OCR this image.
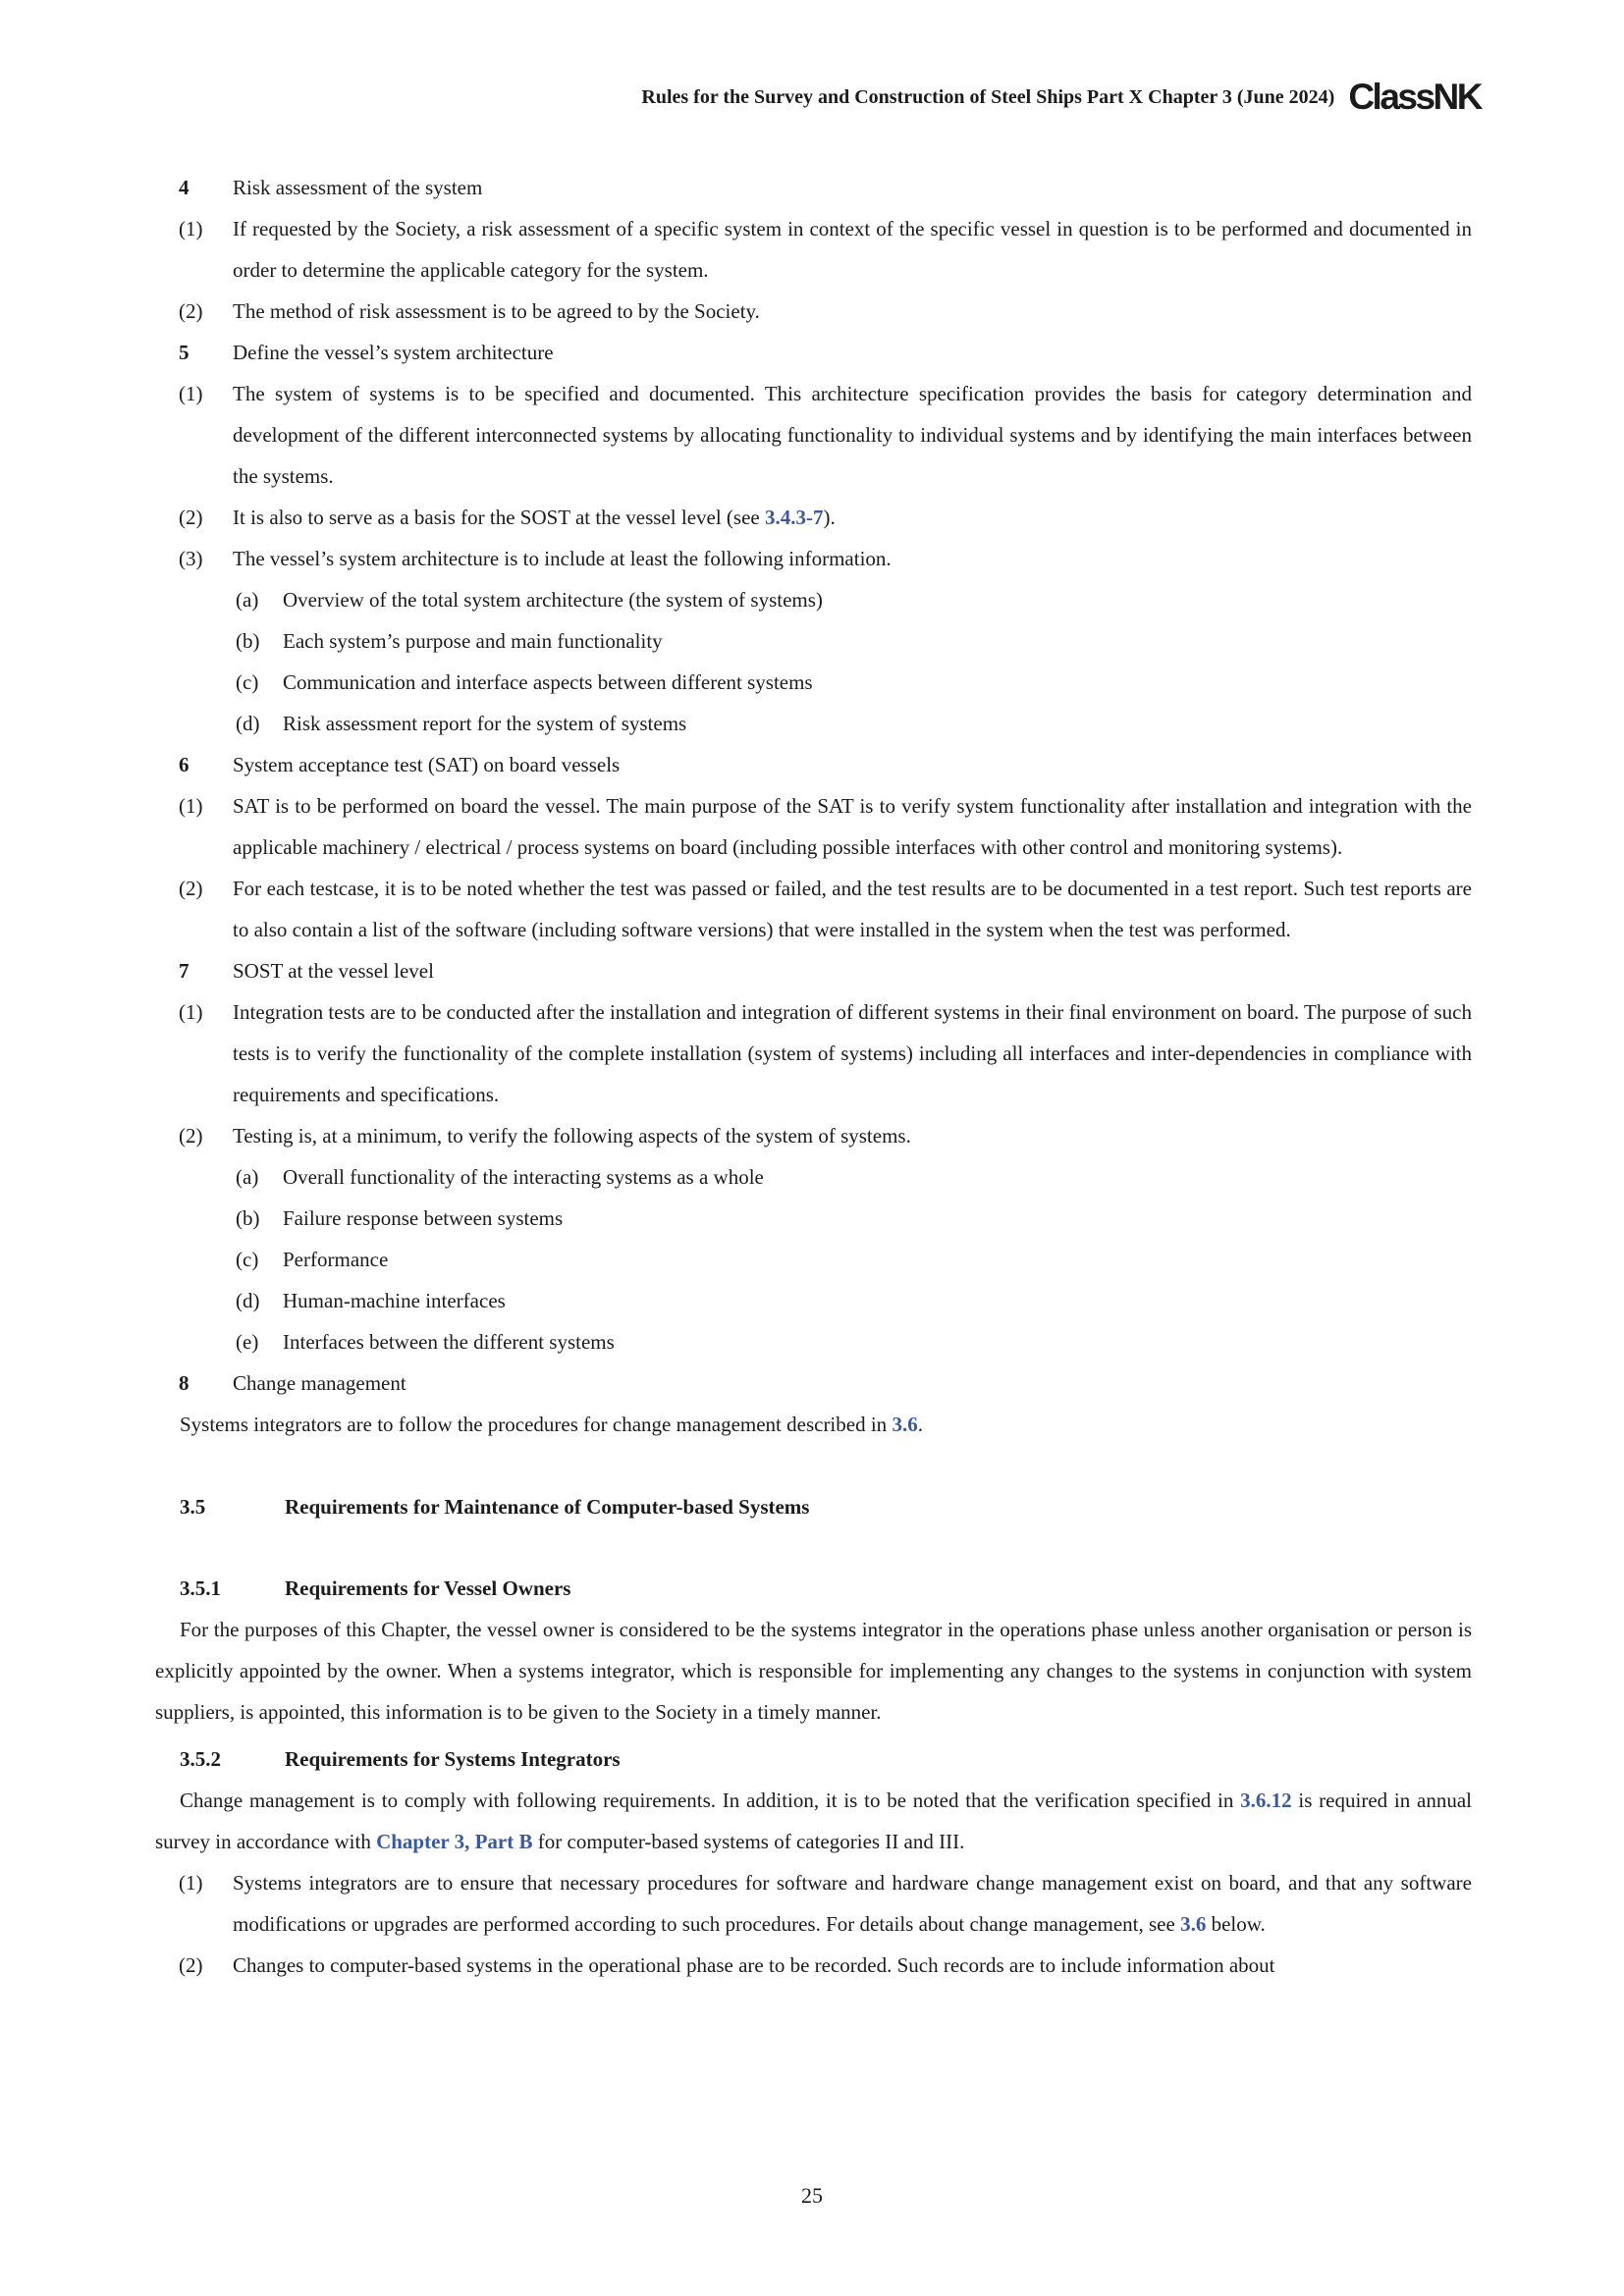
Rules for the Survey and Construction of Steel Ships Part X Chapter 3 (June 2024) ClassNK
4 Risk assessment of the system
(1) If requested by the Society, a risk assessment of a specific system in context of the specific vessel in question is to be performed and documented in order to determine the applicable category for the system.
(2) The method of risk assessment is to be agreed to by the Society.
5 Define the vessel’s system architecture
(1) The system of systems is to be specified and documented. This architecture specification provides the basis for category determination and development of the different interconnected systems by allocating functionality to individual systems and by identifying the main interfaces between the systems.
(2) It is also to serve as a basis for the SOST at the vessel level (see 3.4.3-7).
(3) The vessel’s system architecture is to include at least the following information.
(a) Overview of the total system architecture (the system of systems)
(b) Each system’s purpose and main functionality
(c) Communication and interface aspects between different systems
(d) Risk assessment report for the system of systems
6 System acceptance test (SAT) on board vessels
(1) SAT is to be performed on board the vessel. The main purpose of the SAT is to verify system functionality after installation and integration with the applicable machinery / electrical / process systems on board (including possible interfaces with other control and monitoring systems).
(2) For each testcase, it is to be noted whether the test was passed or failed, and the test results are to be documented in a test report. Such test reports are to also contain a list of the software (including software versions) that were installed in the system when the test was performed.
7 SOST at the vessel level
(1) Integration tests are to be conducted after the installation and integration of different systems in their final environment on board. The purpose of such tests is to verify the functionality of the complete installation (system of systems) including all interfaces and inter-dependencies in compliance with requirements and specifications.
(2) Testing is, at a minimum, to verify the following aspects of the system of systems.
(a) Overall functionality of the interacting systems as a whole
(b) Failure response between systems
(c) Performance
(d) Human-machine interfaces
(e) Interfaces between the different systems
8 Change management
Systems integrators are to follow the procedures for change management described in 3.6.
3.5	Requirements for Maintenance of Computer-based Systems
3.5.1	Requirements for Vessel Owners
For the purposes of this Chapter, the vessel owner is considered to be the systems integrator in the operations phase unless another organisation or person is explicitly appointed by the owner. When a systems integrator, which is responsible for implementing any changes to the systems in conjunction with system suppliers, is appointed, this information is to be given to the Society in a timely manner.
3.5.2	Requirements for Systems Integrators
Change management is to comply with following requirements. In addition, it is to be noted that the verification specified in 3.6.12 is required in annual survey in accordance with Chapter 3, Part B for computer-based systems of categories II and III.
(1) Systems integrators are to ensure that necessary procedures for software and hardware change management exist on board, and that any software modifications or upgrades are performed according to such procedures. For details about change management, see 3.6 below.
(2) Changes to computer-based systems in the operational phase are to be recorded. Such records are to include information about
25
